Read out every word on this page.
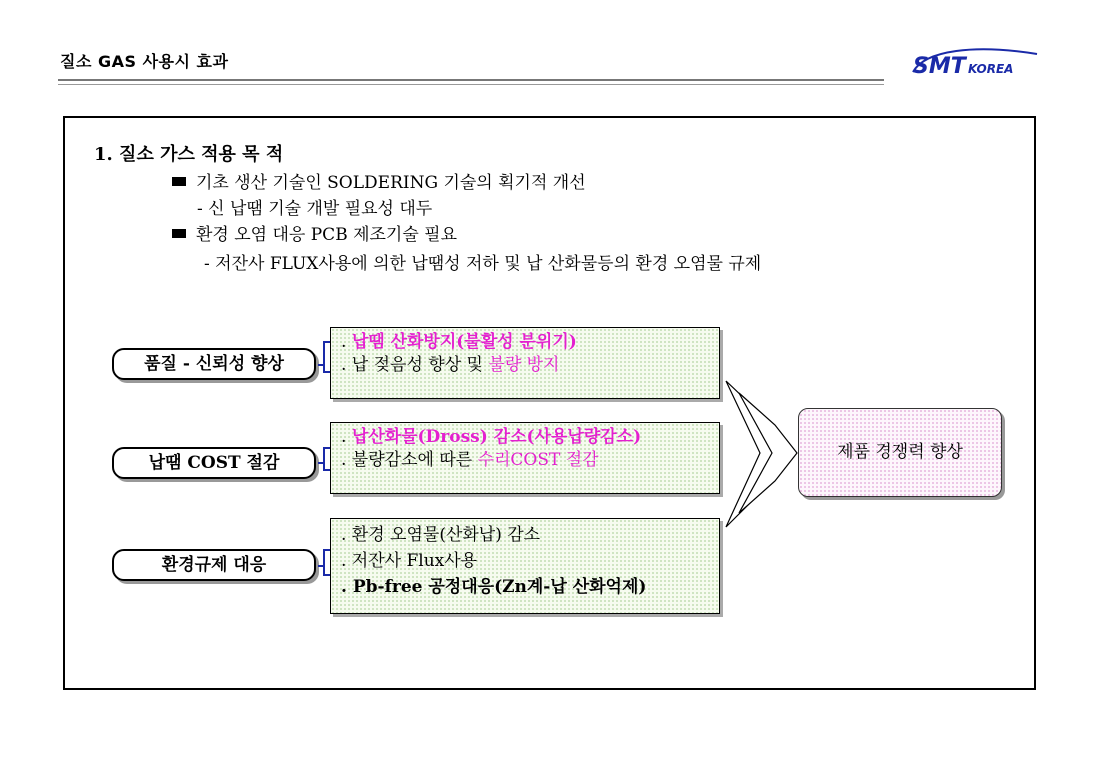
질소 GAS 사용시 효과	SMT KOREA
1. 질소 가스 적용 목 적
기초 생산 기술인 SOLDERING 기술의 획기적 개선
- 신 납땜 기술 개발 필요성 대두
환경 오염 대응 PCB 제조기술 필요
- 저잔사 FLUX사용에 의한 납땜성 저하 및 납 산화물등의 환경 오염물 규제
품질 - 신뢰성 향상
납땜 COST 절감
환경규제 대응
. 납땜 산화방지(불활성 분위기)
. 납 젖음성 향상 및 불량 방지
. 납산화물(Dross) 감소(사용납량감소)
. 불량감소에 따른 수리COST 절감
. 환경 오염물(산화납) 감소
. 저잔사 Flux사용
. Pb-free 공정대응(Zn계-납 산화억제)
제품 경쟁력 향상
